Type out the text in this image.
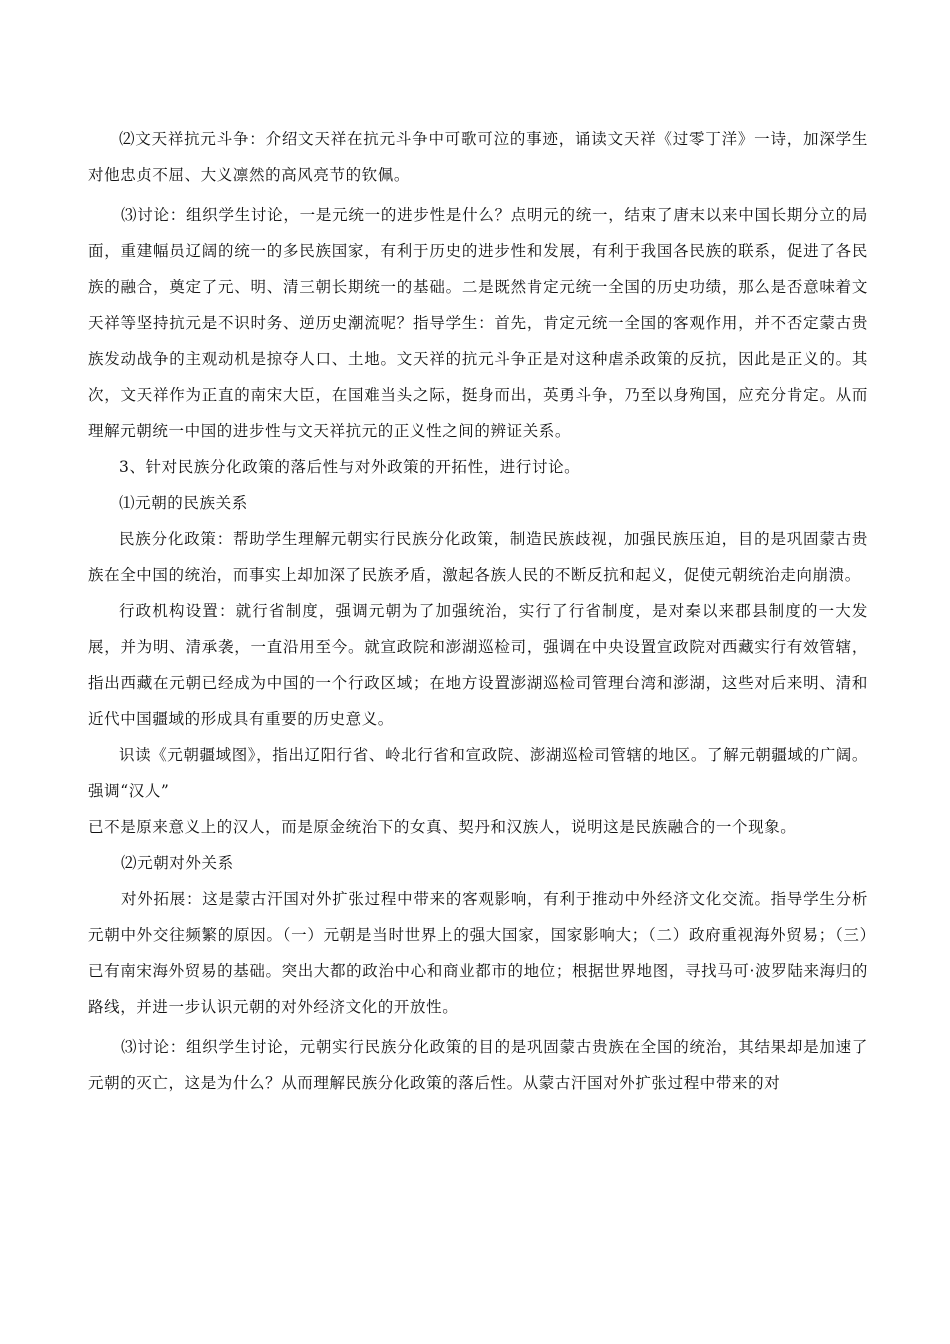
⑵文天祥抗元斗争：介绍文天祥在抗元斗争中可歌可泣的事迹，诵读文天祥《过零丁洋》一诗，加深学生对他忠贞不屈、大义凛然的高风亮节的钦佩。

⑶讨论：组织学生讨论，一是元统一的进步性是什么？点明元的统一，结束了唐末以来中国长期分立的局面，重建幅员辽阔的统一的多民族国家，有利于历史的进步性和发展，有利于我国各民族的联系，促进了各民族的融合，奠定了元、明、清三朝长期统一的基础。二是既然肯定元统一全国的历史功绩，那么是否意味着文天祥等坚持抗元是不识时务、逆历史潮流呢？指导学生：首先，肯定元统一全国的客观作用，并不否定蒙古贵族发动战争的主观动机是掠夺人口、土地。文天祥的抗元斗争正是对这种虐杀政策的反抗，因此是正义的。其次，文天祥作为正直的南宋大臣，在国难当头之际，挺身而出，英勇斗争，乃至以身殉国，应充分肯定。从而理解元朝统一中国的进步性与文天祥抗元的正义性之间的辨证关系。

3、针对民族分化政策的落后性与对外政策的开拓性，进行讨论。

⑴元朝的民族关系

民族分化政策：帮助学生理解元朝实行民族分化政策，制造民族歧视，加强民族压迫，目的是巩固蒙古贵族在全中国的统治，而事实上却加深了民族矛盾，激起各族人民的不断反抗和起义，促使元朝统治走向崩溃。

行政机构设置：就行省制度，强调元朝为了加强统治，实行了行省制度，是对秦以来郡县制度的一大发展，并为明、清承袭，一直沿用至今。就宣政院和澎湖巡检司，强调在中央设置宣政院对西藏实行有效管辖，指出西藏在元朝已经成为中国的一个行政区域；在地方设置澎湖巡检司管理台湾和澎湖，这些对后来明、清和近代中国疆域的形成具有重要的历史意义。

识读《元朝疆域图》，指出辽阳行省、岭北行省和宣政院、澎湖巡检司管辖的地区。了解元朝疆域的广阔。强调“汉人”

已不是原来意义上的汉人，而是原金统治下的女真、契丹和汉族人，说明这是民族融合的一个现象。

⑵元朝对外关系

对外拓展：这是蒙古汗国对外扩张过程中带来的客观影响，有利于推动中外经济文化交流。指导学生分析元朝中外交往频繁的原因。（一）元朝是当时世界上的强大国家，国家影响大；（二）政府重视海外贸易；（三）已有南宋海外贸易的基础。突出大都的政治中心和商业都市的地位；根据世界地图，寻找马可·波罗陆来海归的路线，并进一步认识元朝的对外经济文化的开放性。

⑶讨论：组织学生讨论，元朝实行民族分化政策的目的是巩固蒙古贵族在全国的统治，其结果却是加速了元朝的灭亡，这是为什么？从而理解民族分化政策的落后性。从蒙古汗国对外扩张过程中带来的对
